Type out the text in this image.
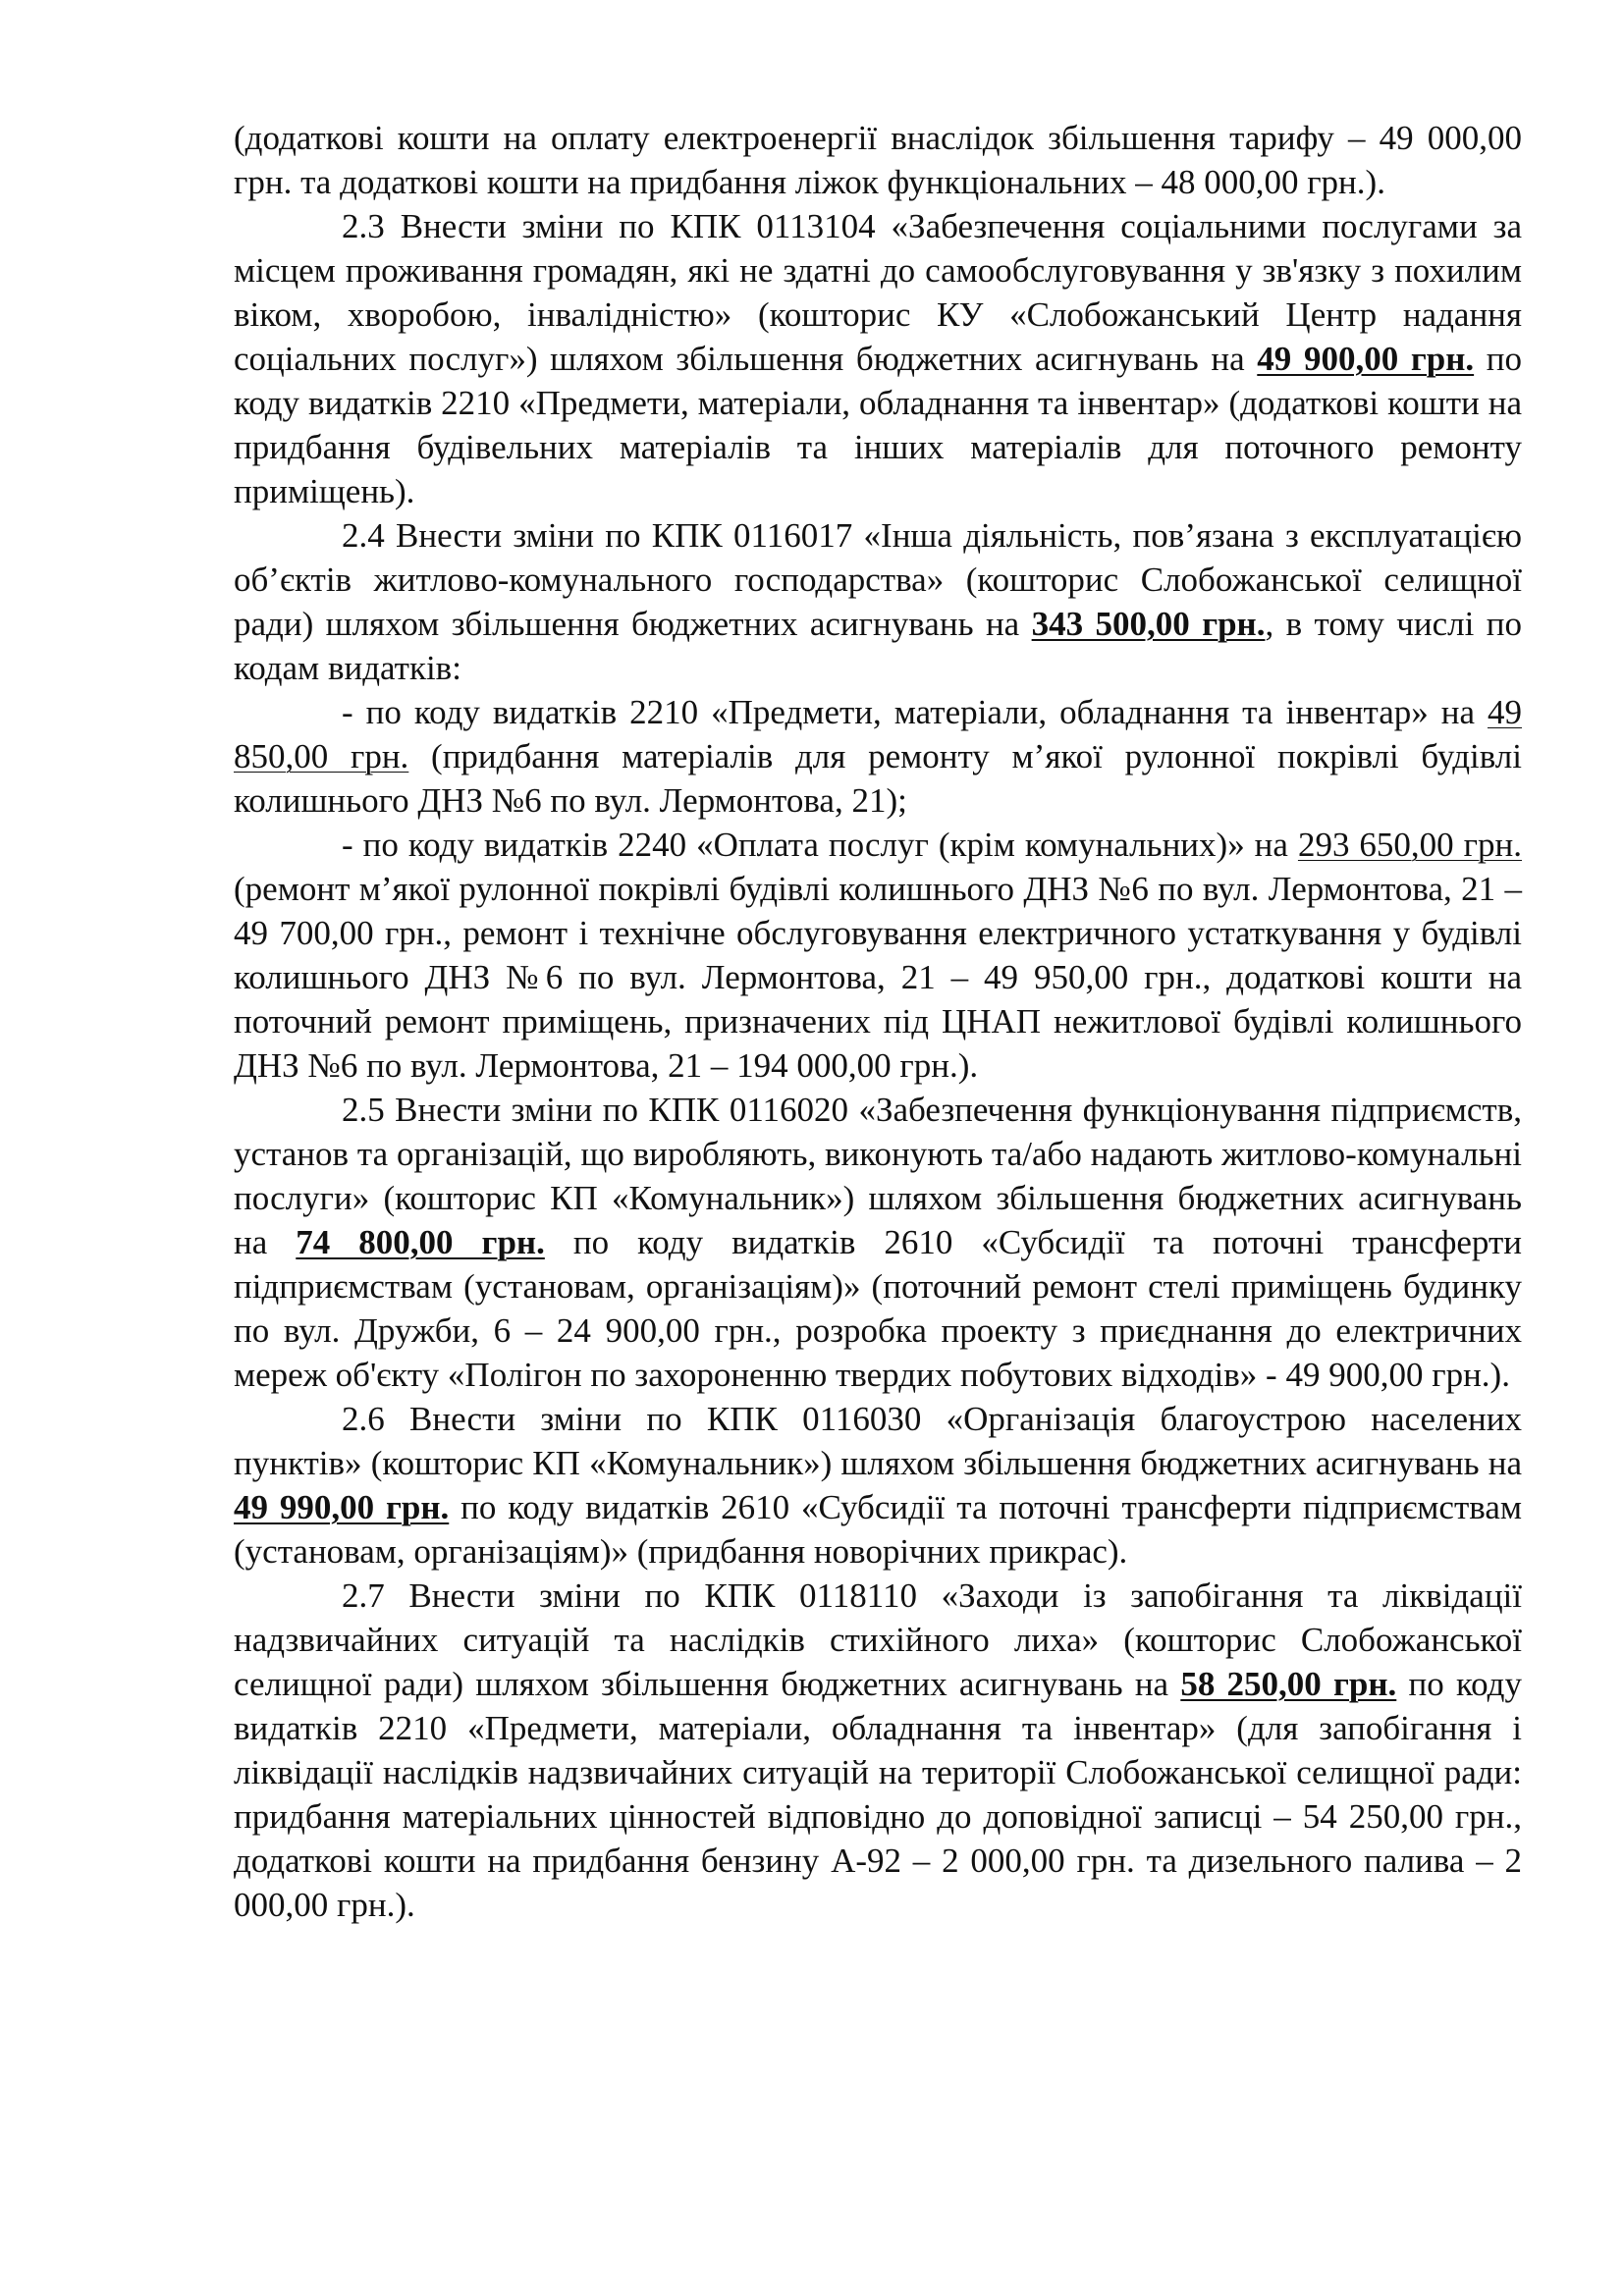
(додаткові кошти на оплату електроенергії внаслідок збільшення тарифу – 49 000,00 грн. та додаткові кошти на придбання ліжок функціональних – 48 000,00 грн.).

2.3 Внести зміни по КПК 0113104 «Забезпечення соціальними послугами за місцем проживання громадян, які не здатні до самообслуговування у зв'язку з похилим віком, хворобою, інвалідністю» (кошторис КУ «Слобожанський Центр надання соціальних послуг») шляхом збільшення бюджетних асигнувань на 49 900,00 грн. по коду видатків 2210 «Предмети, матеріали, обладнання та інвентар» (додаткові кошти на придбання будівельних матеріалів та інших матеріалів для поточного ремонту приміщень).

2.4 Внести зміни по КПК 0116017 «Інша діяльність, пов’язана з експлуатацією об’єктів житлово-комунального господарства» (кошторис Слобожанської селищної ради) шляхом збільшення бюджетних асигнувань на 343 500,00 грн., в тому числі по кодам видатків:

- по коду видатків 2210 «Предмети, матеріали, обладнання та інвентар» на 49 850,00 грн. (придбання матеріалів для ремонту м’якої рулонної покрівлі будівлі колишнього ДНЗ №6 по вул. Лермонтова, 21);

- по коду видатків 2240 «Оплата послуг (крім комунальних)» на 293 650,00 грн. (ремонт м’якої рулонної покрівлі будівлі колишнього ДНЗ №6 по вул. Лермонтова, 21 – 49 700,00 грн., ремонт і технічне обслуговування електричного устаткування у будівлі колишнього ДНЗ №6 по вул. Лермонтова, 21 – 49 950,00 грн., додаткові кошти на поточний ремонт приміщень, призначених під ЦНАП нежитлової будівлі колишнього ДНЗ №6 по вул. Лермонтова, 21 – 194 000,00 грн.).

2.5 Внести зміни по КПК 0116020 «Забезпечення функціонування підприємств, установ та організацій, що виробляють, виконують та/або надають житлово-комунальні послуги» (кошторис КП «Комунальник») шляхом збільшення бюджетних асигнувань на 74 800,00 грн. по коду видатків 2610 «Субсидії та поточні трансферти підприємствам (установам, організаціям)» (поточний ремонт стелі приміщень будинку по вул. Дружби, 6 – 24 900,00 грн., розробка проекту з приєднання до електричних мереж об'єкту «Полігон по захороненню твердих побутових відходів» - 49 900,00 грн.).

2.6 Внести зміни по КПК 0116030 «Організація благоустрою населених пунктів» (кошторис КП «Комунальник») шляхом збільшення бюджетних асигнувань на 49 990,00 грн. по коду видатків 2610 «Субсидії та поточні трансферти підприємствам (установам, організаціям)» (придбання новорічних прикрас).

2.7 Внести зміни по КПК 0118110 «Заходи із запобігання та ліквідації надзвичайних ситуацій та наслідків стихійного лиха» (кошторис Слобожанської селищної ради) шляхом збільшення бюджетних асигнувань на 58 250,00 грн. по коду видатків 2210 «Предмети, матеріали, обладнання та інвентар» (для запобігання і ліквідації наслідків надзвичайних ситуацій на території Слобожанської селищної ради: придбання матеріальних цінностей відповідно до доповідної записці – 54 250,00 грн., додаткові кошти на придбання бензину А-92 – 2 000,00 грн. та дизельного палива – 2 000,00 грн.).
